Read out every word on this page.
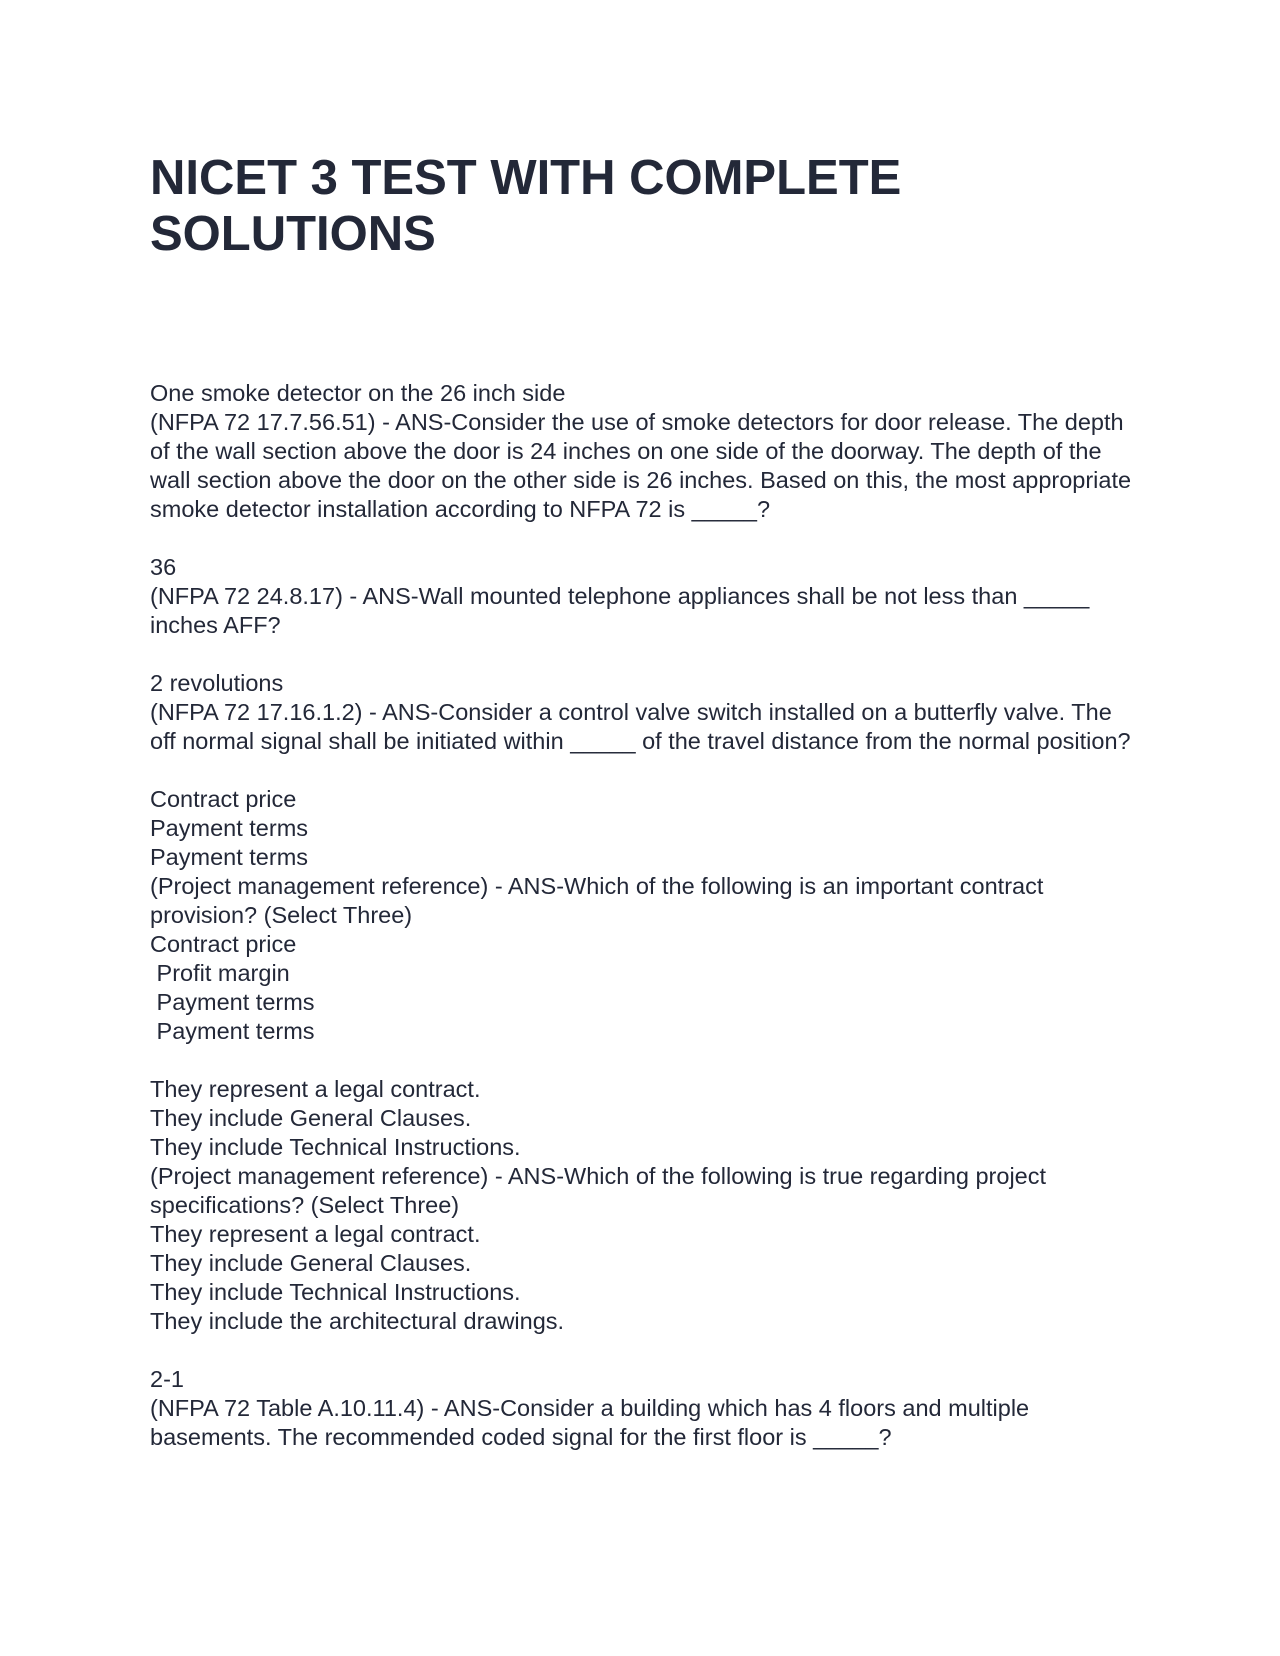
NICET 3 TEST WITH COMPLETE SOLUTIONS
One smoke detector on the 26 inch side
(NFPA 72 17.7.56.51) - ANS-Consider the use of smoke detectors for door release. The depth of the wall section above the door is 24 inches on one side of the doorway. The depth of the wall section above the door on the other side is 26 inches. Based on this, the most appropriate smoke detector installation according to NFPA 72 is _____?
36
(NFPA 72 24.8.17) - ANS-Wall mounted telephone appliances shall be not less than _____ inches AFF?
2 revolutions
(NFPA 72 17.16.1.2) - ANS-Consider a control valve switch installed on a butterfly valve. The off normal signal shall be initiated within _____ of the travel distance from the normal position?
Contract price
Payment terms
Payment terms
(Project management reference) - ANS-Which of the following is an important contract provision? (Select Three)
Contract price
Profit margin
Payment terms
Payment terms
They represent a legal contract.
They include General Clauses.
They include Technical Instructions.
(Project management reference) - ANS-Which of the following is true regarding project specifications? (Select Three)
They represent a legal contract.
They include General Clauses.
They include Technical Instructions.
They include the architectural drawings.
2-1
(NFPA 72 Table A.10.11.4) - ANS-Consider a building which has 4 floors and multiple basements. The recommended coded signal for the first floor is _____?
